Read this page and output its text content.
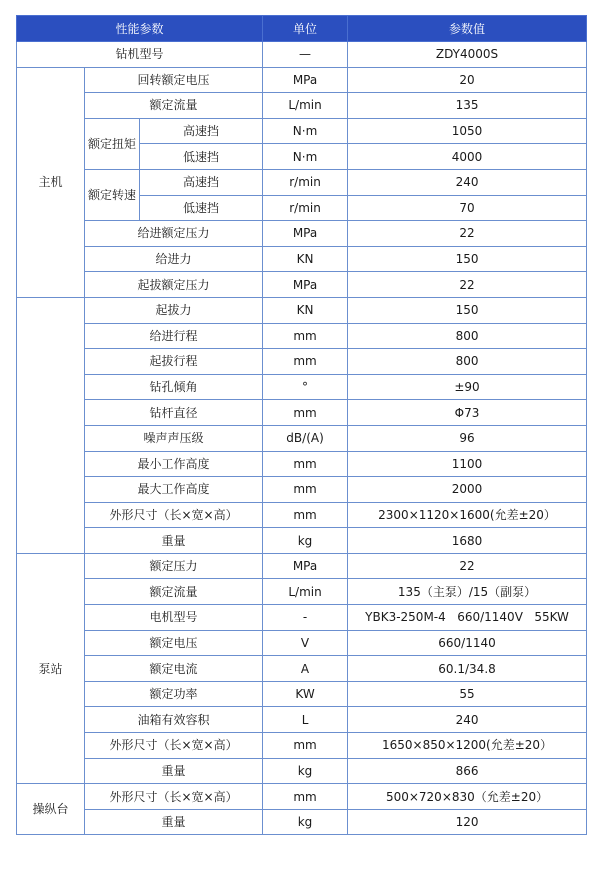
性能参数			单位	参数值
钻机型号			—	ZDY4000S
主机	回转额定电压		MPa	20
	额定流量		L/min	135
	额定扭矩	高速挡	N·m	1050
		低速挡	N·m	4000
	额定转速	高速挡	r/min	240
		低速挡	r/min	70
	给进额定压力		MPa	22
	给进力		KN	150
	起拔额定压力		MPa	22
	起拔力		KN	150
	给进行程		mm	800
	起拔行程		mm	800
	钻孔倾角		°	±90
	钻杆直径		mm	Φ73
	噪声声压级		dB/(A)	96
	最小工作高度		mm	1100
	最大工作高度		mm	2000
	外形尺寸（长×宽×高）		mm	2300×1120×1600(允差±20）
	重量		kg	1680
泵站	额定压力		MPa	22
	额定流量		L/min	135（主泵）/15（副泵）
	电机型号		-	YBK3-250M-4   660/1140V   55KW
	额定电压		V	660/1140
	额定电流		A	60.1/34.8
	额定功率		KW	55
	油箱有效容积		L	240
	外形尺寸（长×宽×高）		mm	1650×850×1200(允差±20）
	重量		kg	866
操纵台	外形尺寸（长×宽×高）		mm	500×720×830（允差±20）
	重量		kg	120
